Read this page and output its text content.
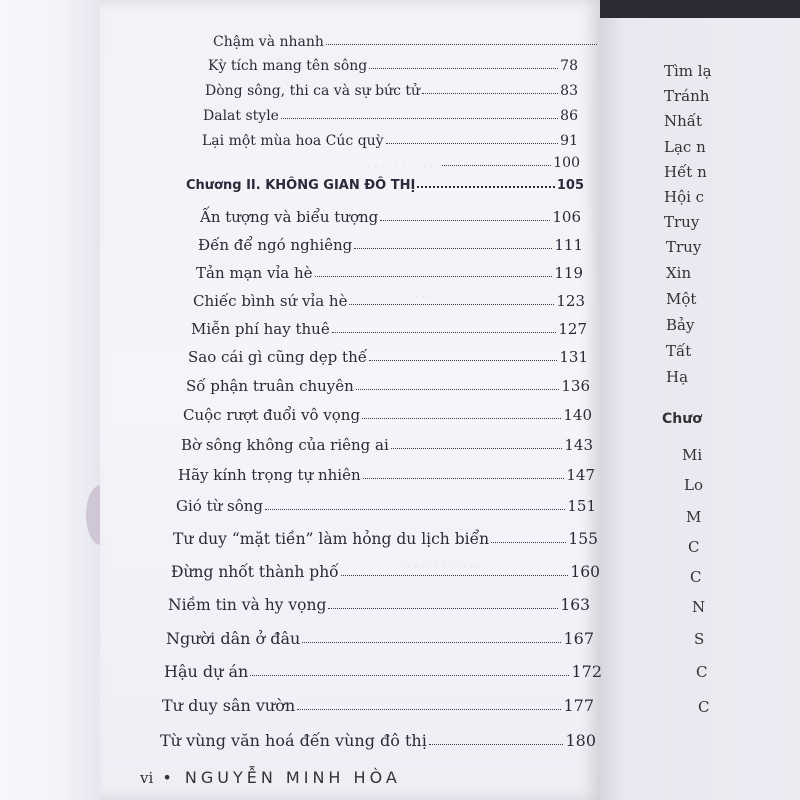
Tìm lạ
Tránh
Nhất
Lạc n
Hết n
Hội c
Truy
Truy
Xin
Một
Bảy
Tất
Hạ
Chươ
Mi
Lo
M
C
C
N
S
C
C
Chậm và nhanh
Kỳ tích mang tên sông	78
Dòng sông, thi ca và sự bức tử	83
Dalat style	86
Lại một mùa hoa Cúc quỳ	91
100
Chương II. KHÔNG GIAN ĐÔ THỊ	105
Ấn tượng và biểu tượng	106
Đến để ngó nghiêng	111
Tản mạn vỉa hè	119
Chiếc bình sứ vỉa hè	123
Miễn phí hay thuê	127
Sao cái gì cũng dẹp thế	131
Số phận truân chuyên	136
Cuộc rượt đuổi vô vọng	140
Bờ sông không của riêng ai	143
Hãy kính trọng tự nhiên	147
Gió từ sông	151
Tư duy “mặt tiền” làm hỏng du lịch biển	155
Đừng nhốt thành phố	160
Niềm tin và hy vọng	163
Người dân ở đâu	167
Hậu dự án	172
Tư duy sân vườn	177
Từ vùng văn hoá đến vùng đô thị	180
· · · · · · · · · · · · · · ·
· · · · · · · · · · · ·
· · · · · · · · · · · ·
vi • NGUYỄN MINH HÒA
